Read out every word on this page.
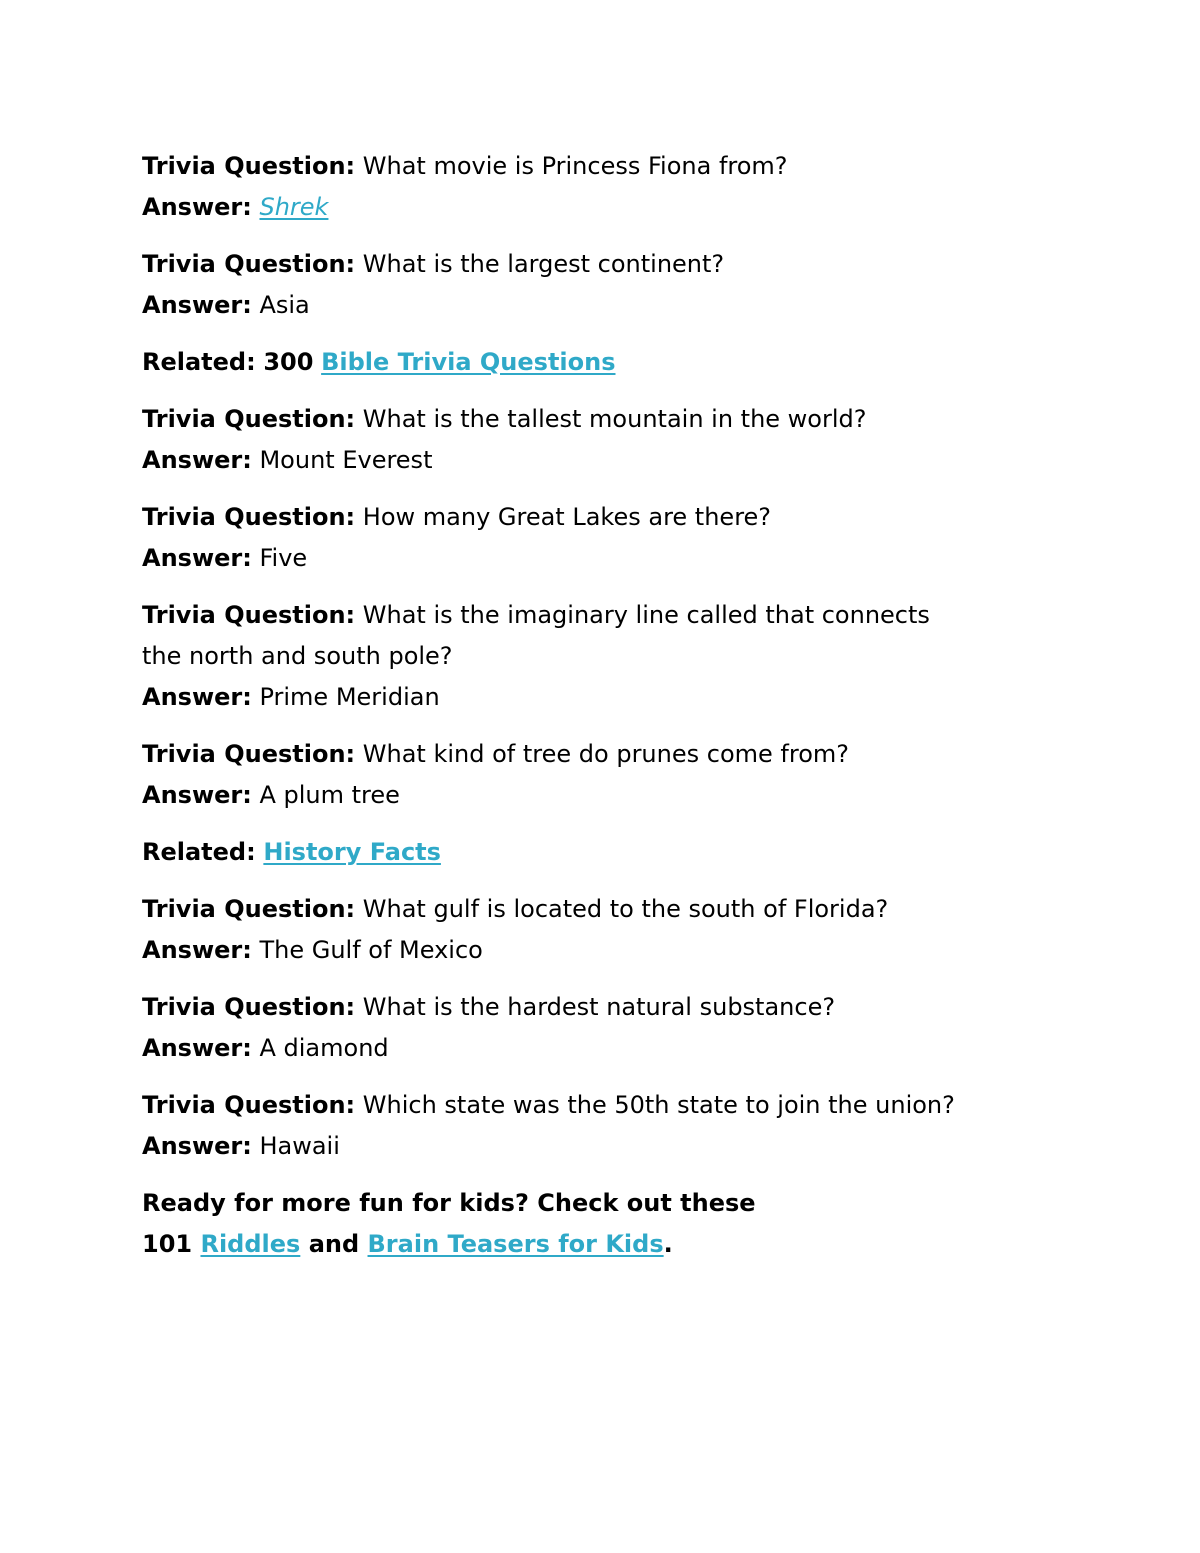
Trivia Question: What movie is Princess Fiona from?
Answer: Shrek
Trivia Question: What is the largest continent?
Answer: Asia
Related: 300 Bible Trivia Questions
Trivia Question: What is the tallest mountain in the world?
Answer: Mount Everest
Trivia Question: How many Great Lakes are there?
Answer: Five
Trivia Question: What is the imaginary line called that connects
the north and south pole?
Answer: Prime Meridian
Trivia Question: What kind of tree do prunes come from?
Answer: A plum tree
Related: History Facts
Trivia Question: What gulf is located to the south of Florida?
Answer: The Gulf of Mexico
Trivia Question: What is the hardest natural substance?
Answer: A diamond
Trivia Question: Which state was the 50th state to join the union?
Answer: Hawaii
Ready for more fun for kids? Check out these
101 Riddles and Brain Teasers for Kids.
